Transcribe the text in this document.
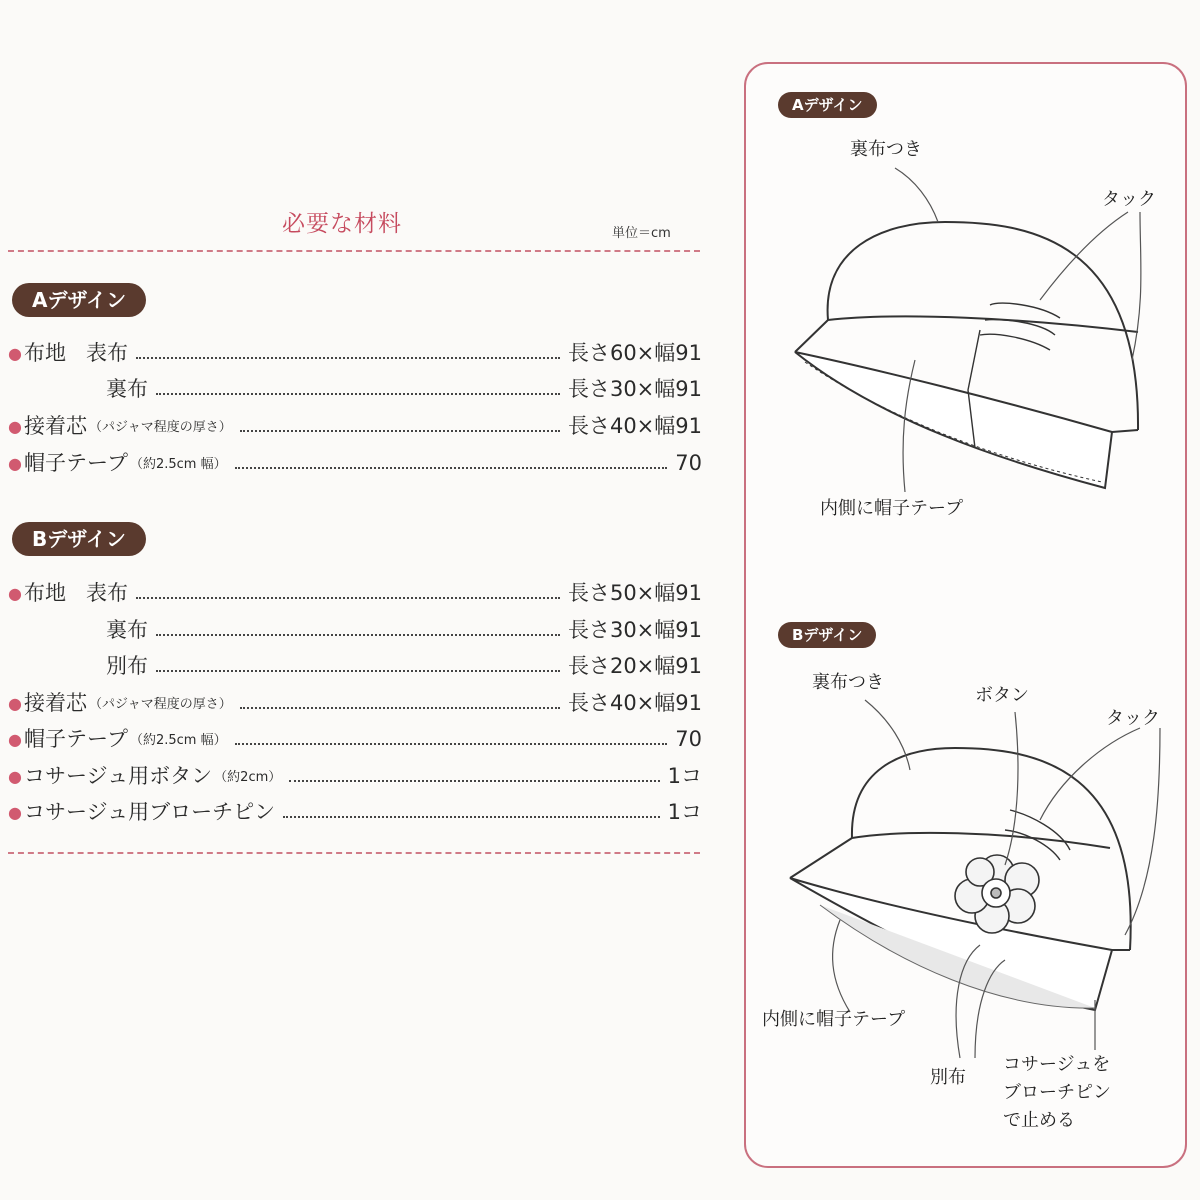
必要な材料	単位＝cm
Aデザイン
● 布地 表布	長さ60×幅91
裏布	長さ30×幅91
● 接着芯 （パジャマ程度の厚さ）	長さ40×幅91
● 帽子テープ （約2.5cm 幅）	70
Bデザイン
● 布地 表布	長さ50×幅91
裏布	長さ30×幅91
別布	長さ20×幅91
● 接着芯 （パジャマ程度の厚さ）	長さ40×幅91
● 帽子テープ （約2.5cm 幅）	70
● コサージュ用ボタン （約2cm）	1コ
● コサージュ用ブローチピン	1コ
Aデザイン
裏布つき
タック
内側に帽子テープ
Bデザイン
裏布つき
ボタン
タック
内側に帽子テープ
別布
コサージュを
ブローチピン
で止める
